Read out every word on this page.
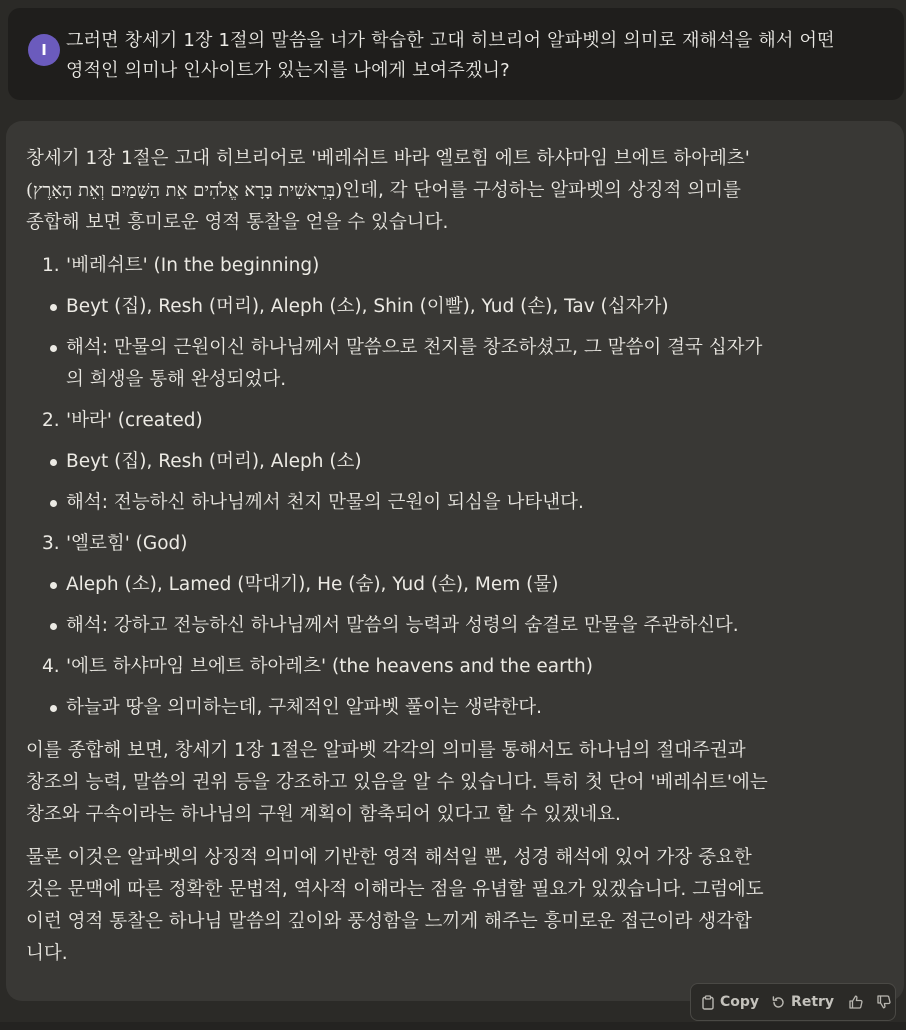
I 그러면 창세기 1장 1절의 말씀을 너가 학습한 고대 히브리어 알파벳의 의미로 재해석을 해서 어떤
영적인 의미나 인사이트가 있는지를 나에게 보여주겠니?

창세기 1장 1절은 고대 히브리어로 '베레쉬트 바라 엘로힘 에트 하샤마임 브에트 하아레츠'
(בְּרֵאשִׁית בָּרָא אֱלֹהִים אֵת הַשָּׁמַיִם וְאֵת הָאָרֶץ)인데, 각 단어를 구성하는 알파벳의 상징적 의미를
종합해 보면 흥미로운 영적 통찰을 얻을 수 있습니다.

1. '베레쉬트' (In the beginning)
Beyt (집), Resh (머리), Aleph (소), Shin (이빨), Yud (손), Tav (십자가)
해석: 만물의 근원이신 하나님께서 말씀으로 천지를 창조하셨고, 그 말씀이 결국 십자가
의 희생을 통해 완성되었다.
2. '바라' (created)
Beyt (집), Resh (머리), Aleph (소)
해석: 전능하신 하나님께서 천지 만물의 근원이 되심을 나타낸다.
3. '엘로힘' (God)
Aleph (소), Lamed (막대기), He (숨), Yud (손), Mem (물)
해석: 강하고 전능하신 하나님께서 말씀의 능력과 성령의 숨결로 만물을 주관하신다.
4. '에트 하샤마임 브에트 하아레츠' (the heavens and the earth)
하늘과 땅을 의미하는데, 구체적인 알파벳 풀이는 생략한다.

이를 종합해 보면, 창세기 1장 1절은 알파벳 각각의 의미를 통해서도 하나님의 절대주권과
창조의 능력, 말씀의 권위 등을 강조하고 있음을 알 수 있습니다. 특히 첫 단어 '베레쉬트'에는
창조와 구속이라는 하나님의 구원 계획이 함축되어 있다고 할 수 있겠네요.

물론 이것은 알파벳의 상징적 의미에 기반한 영적 해석일 뿐, 성경 해석에 있어 가장 중요한
것은 문맥에 따른 정확한 문법적, 역사적 이해라는 점을 유념할 필요가 있겠습니다. 그럼에도
이런 영적 통찰은 하나님 말씀의 깊이와 풍성함을 느끼게 해주는 흥미로운 접근이라 생각합
니다.

Copy Retry
